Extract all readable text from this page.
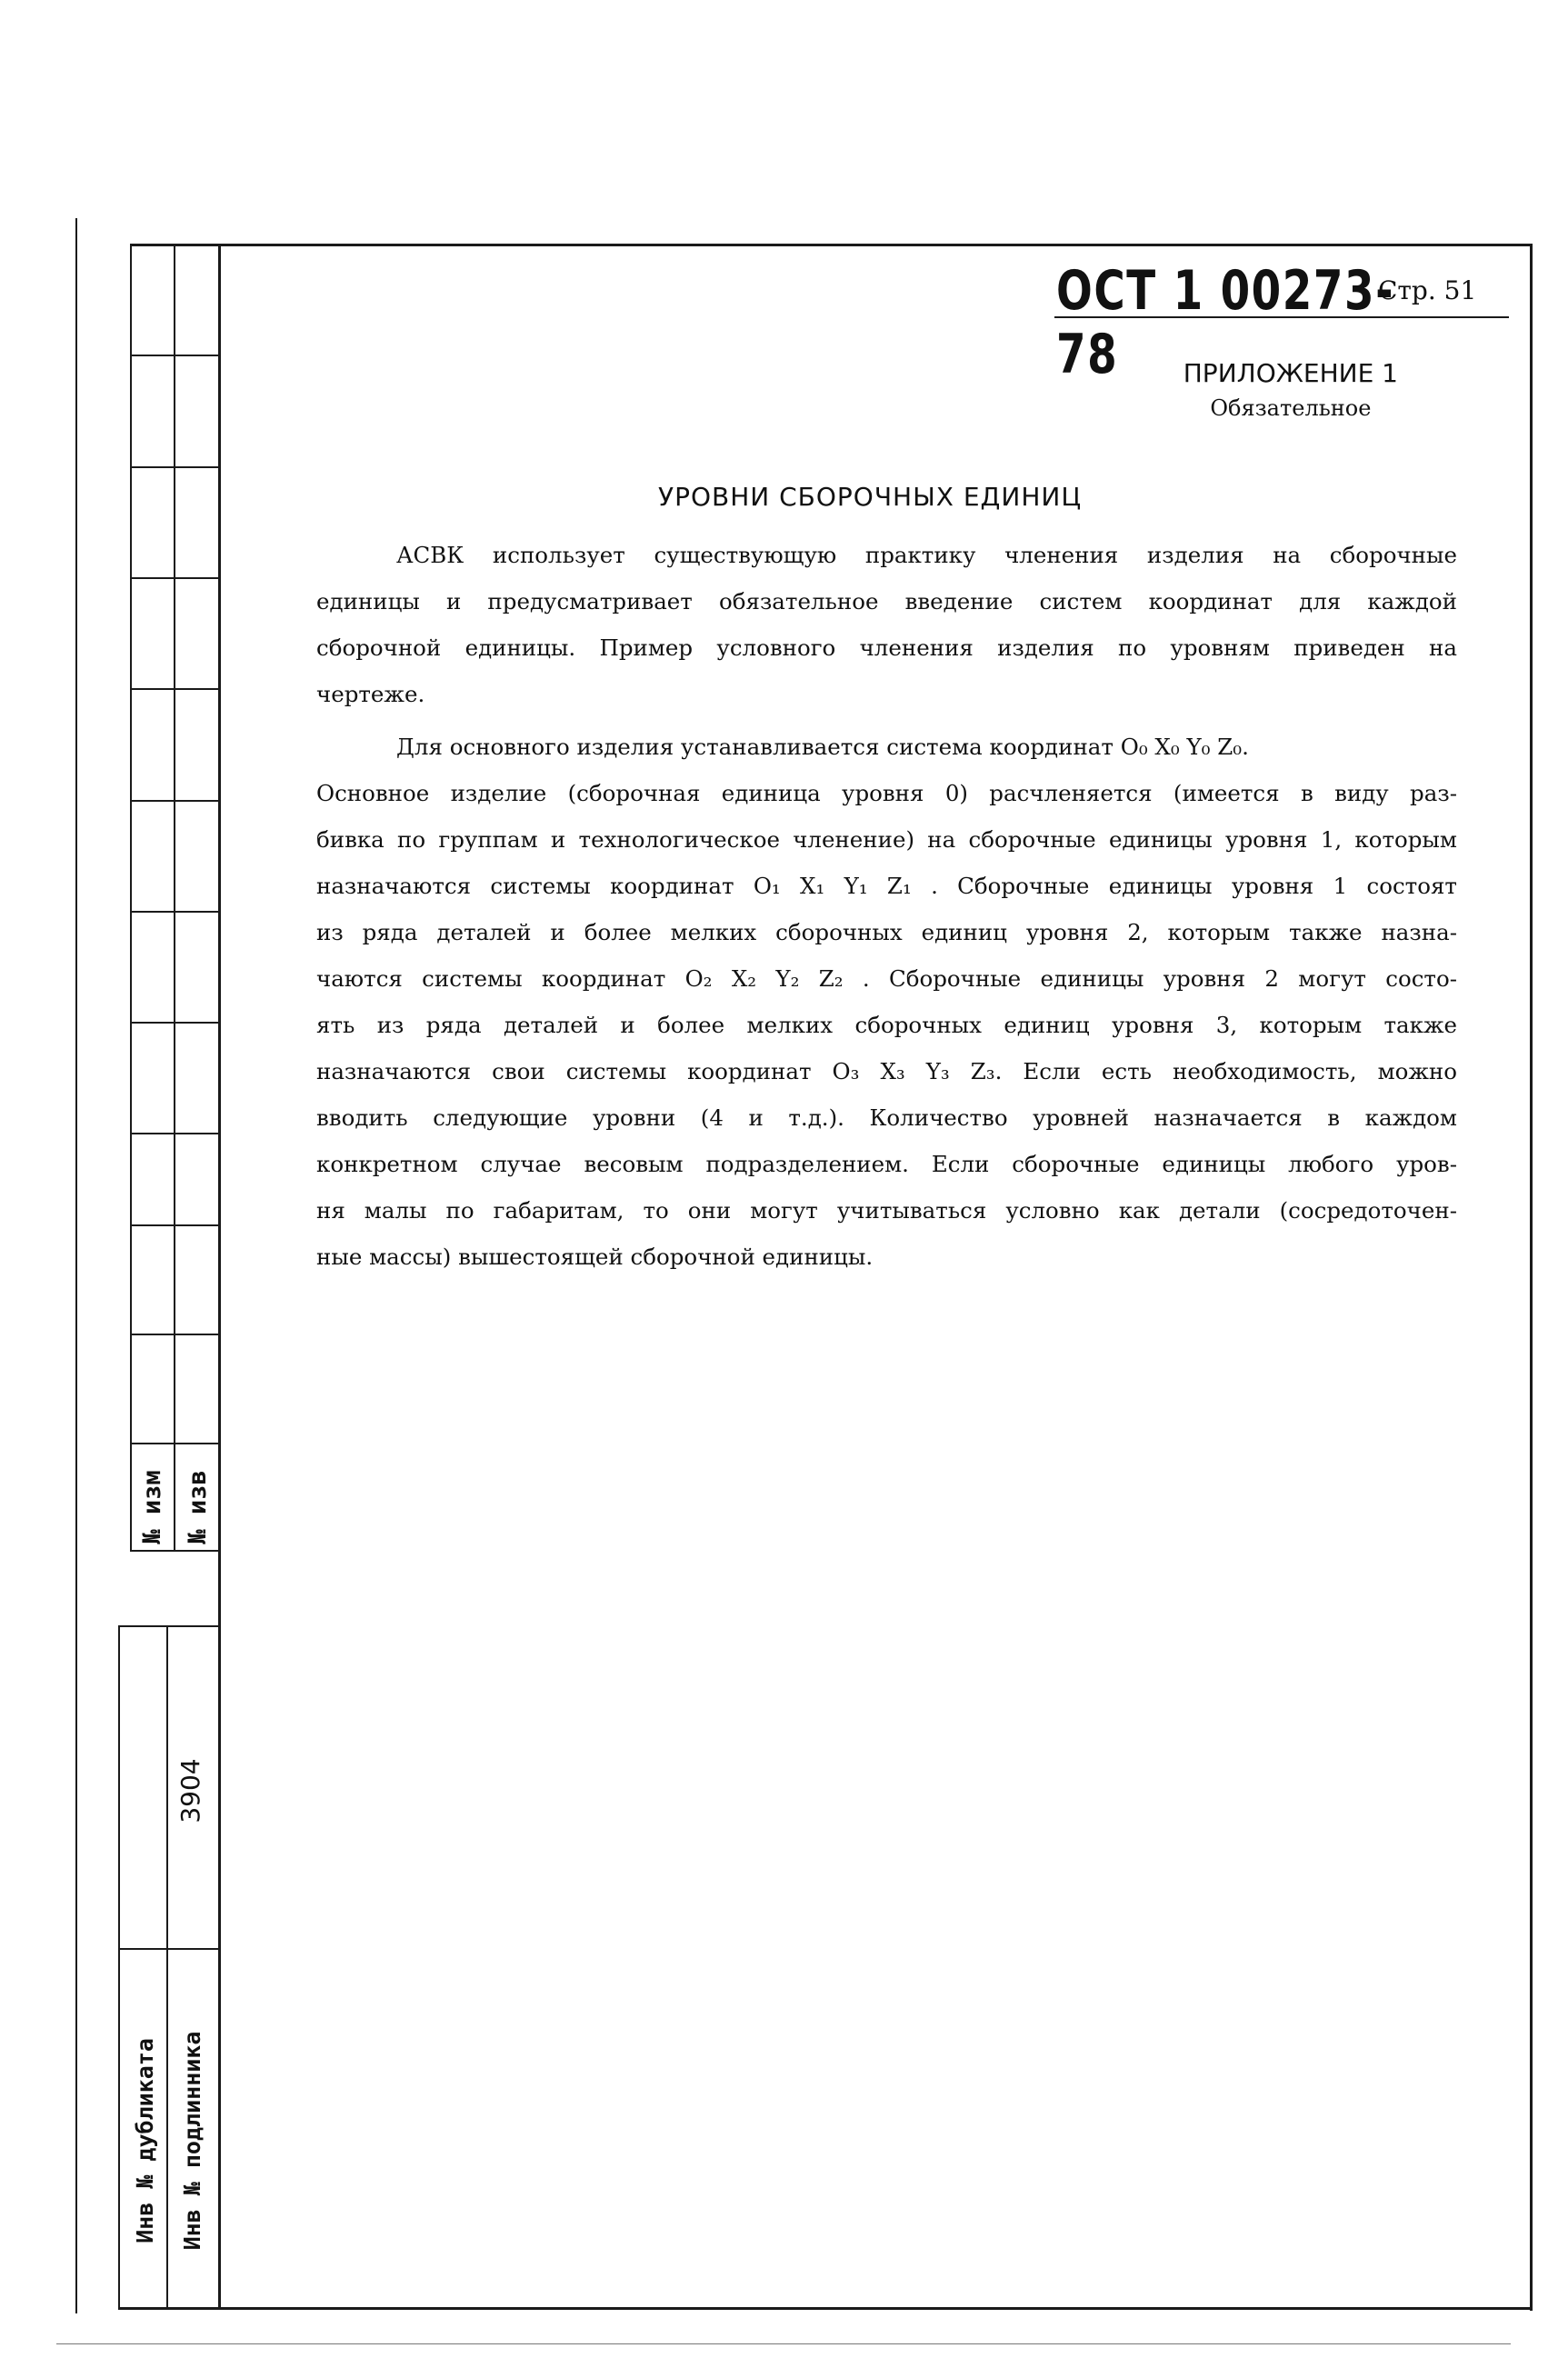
ОСТ 1 00273-78
Стр. 51
ПРИЛОЖЕНИЕ 1
Обязательное
УРОВНИ СБОРОЧНЫХ ЕДИНИЦ
АСВК использует существующую практику членения изделия на сборочные
единицы и предусматривает обязательное введение систем координат для каждой
сборочной единицы. Пример условного членения изделия по уровням приведен на
чертеже.
Для основного изделия устанавливается система координат O₀ X₀ Y₀ Z₀.
Основное изделие (сборочная единица уровня 0) расчленяется (имеется в виду раз-
бивка по группам и технологическое членение) на сборочные единицы уровня 1, которым
назначаются системы координат O₁ X₁ Y₁ Z₁ . Сборочные единицы уровня 1 состоят
из ряда деталей и более мелких сборочных единиц уровня 2, которым также назна-
чаются системы координат O₂ X₂ Y₂ Z₂ . Сборочные единицы уровня 2 могут состо-
ять из ряда деталей и более мелких сборочных единиц уровня 3, которым также
назначаются свои системы координат O₃ X₃ Y₃ Z₃. Если есть необходимость, можно
вводить следующие уровни (4 и т.д.). Количество уровней назначается в каждом
конкретном случае весовым подразделением. Если сборочные единицы любого уров-
ня малы по габаритам, то они могут учитываться условно как детали (сосредоточен-
ные массы) вышестоящей сборочной единицы.
№ изм № изв
3904
Инв № дубликата Инв № подлинника
